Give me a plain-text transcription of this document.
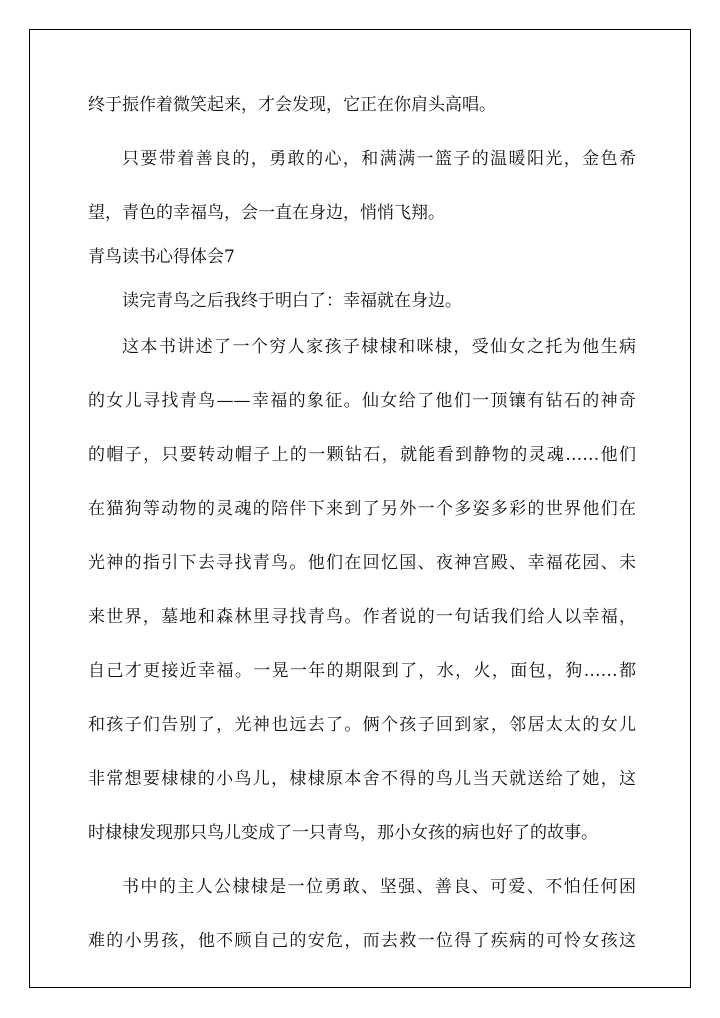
终于振作着微笑起来，才会发现，它正在你肩头高唱。
只要带着善良的，勇敢的心，和满满一篮子的温暖阳光，金色希
望，青色的幸福鸟，会一直在身边，悄悄飞翔。
青鸟读书心得体会7
读完青鸟之后我终于明白了：幸福就在身边。
这本书讲述了一个穷人家孩子棣棣和咪棣，受仙女之托为他生病
的女儿寻找青鸟——幸福的象征。仙女给了他们一顶镶有钻石的神奇
的帽子，只要转动帽子上的一颗钻石，就能看到静物的灵魂……他们
在猫狗等动物的灵魂的陪伴下来到了另外一个多姿多彩的世界他们在
光神的指引下去寻找青鸟。他们在回忆国、夜神宫殿、幸福花园、未
来世界，墓地和森林里寻找青鸟。作者说的一句话我们给人以幸福，
自己才更接近幸福。一晃一年的期限到了，水，火，面包，狗……都
和孩子们告别了，光神也远去了。俩个孩子回到家，邻居太太的女儿
非常想要棣棣的小鸟儿，棣棣原本舍不得的鸟儿当天就送给了她，这
时棣棣发现那只鸟儿变成了一只青鸟，那小女孩的病也好了的故事。
书中的主人公棣棣是一位勇敢、坚强、善良、可爱、不怕任何困
难的小男孩，他不顾自己的安危，而去救一位得了疾病的可怜女孩这
